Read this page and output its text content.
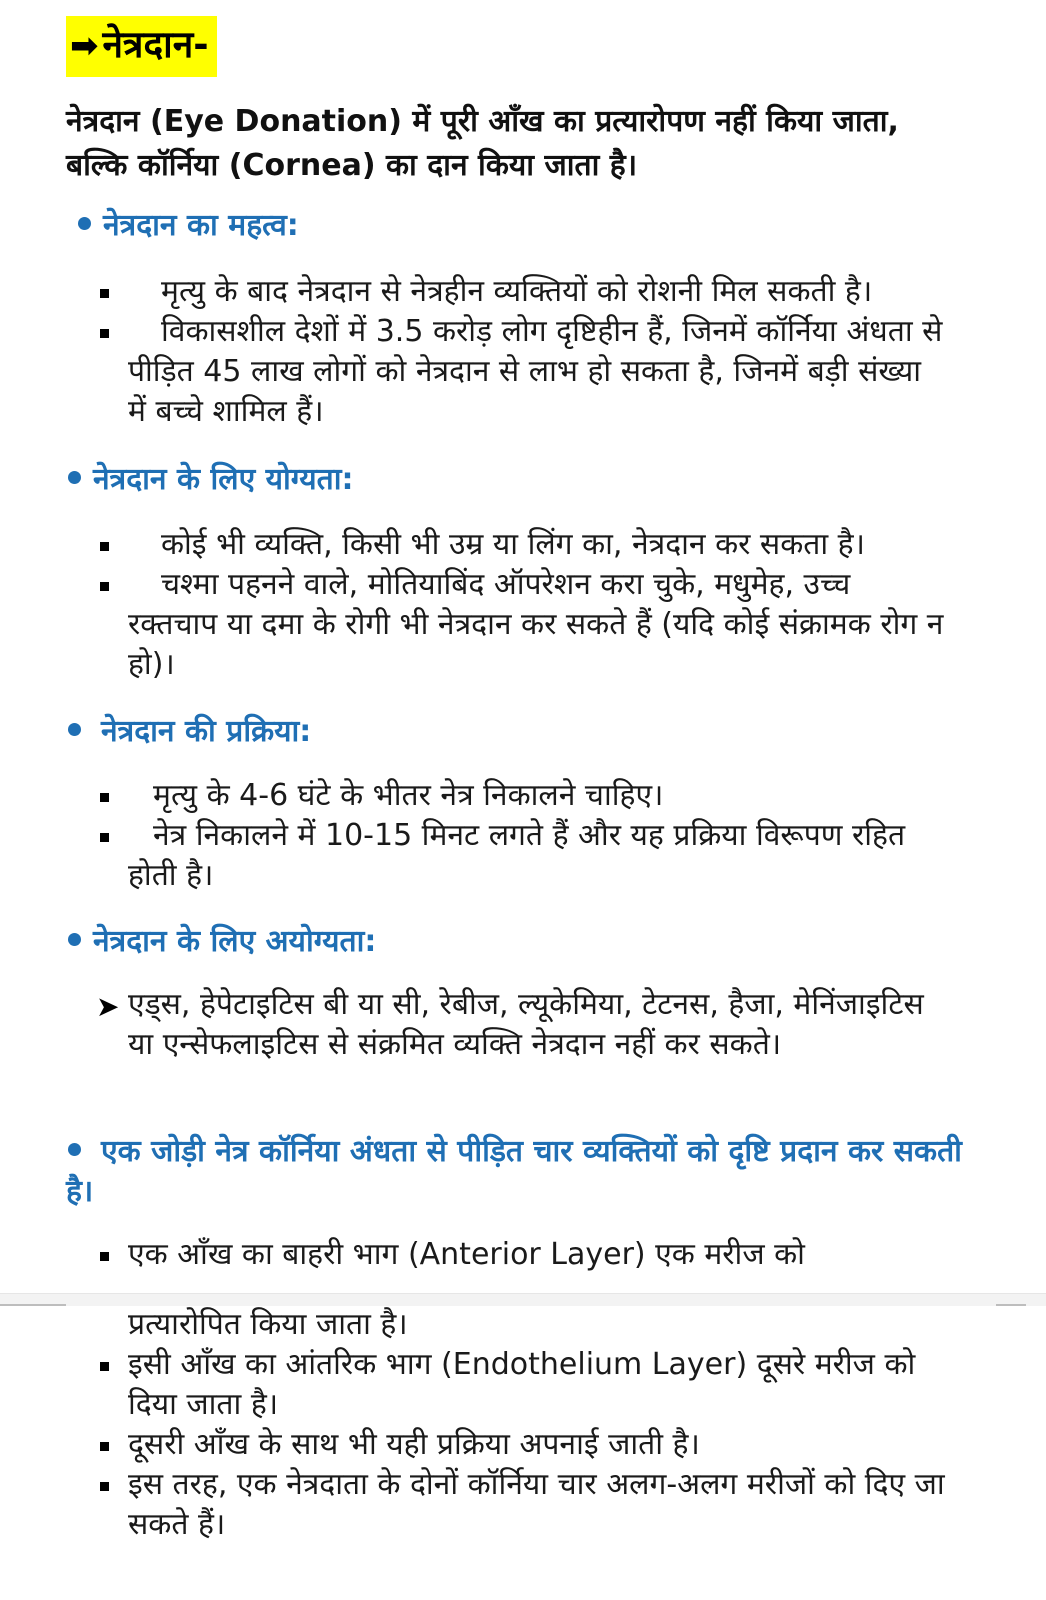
➡ नेत्रदान-
नेत्रदान (Eye Donation) में पूरी आँख का प्रत्यारोपण नहीं किया जाता, बल्कि कॉर्निया (Cornea) का दान किया जाता है।
नेत्रदान का महत्व:
मृत्यु के बाद नेत्रदान से नेत्रहीन व्यक्तियों को रोशनी मिल सकती है।
विकासशील देशों में 3.5 करोड़ लोग दृष्टिहीन हैं, जिनमें कॉर्निया अंधता से पीड़ित 45 लाख लोगों को नेत्रदान से लाभ हो सकता है, जिनमें बड़ी संख्या में बच्चे शामिल हैं।
नेत्रदान के लिए योग्यता:
कोई भी व्यक्ति, किसी भी उम्र या लिंग का, नेत्रदान कर सकता है।
चश्मा पहनने वाले, मोतियाबिंद ऑपरेशन करा चुके, मधुमेह, उच्च रक्तचाप या दमा के रोगी भी नेत्रदान कर सकते हैं (यदि कोई संक्रामक रोग न हो)।
नेत्रदान की प्रक्रिया:
मृत्यु के 4-6 घंटे के भीतर नेत्र निकालने चाहिए।
नेत्र निकालने में 10-15 मिनट लगते हैं और यह प्रक्रिया विरूपण रहित होती है।
नेत्रदान के लिए अयोग्यता:
➤ एड्स, हेपेटाइटिस बी या सी, रेबीज, ल्यूकेमिया, टेटनस, हैजा, मेनिंजाइटिस या एन्सेफलाइटिस से संक्रमित व्यक्ति नेत्रदान नहीं कर सकते।
एक जोड़ी नेत्र कॉर्निया अंधता से पीड़ित चार व्यक्तियों को दृष्टि प्रदान कर सकती है।
एक आँख का बाहरी भाग (Anterior Layer) एक मरीज को
प्रत्यारोपित किया जाता है।
इसी आँख का आंतरिक भाग (Endothelium Layer) दूसरे मरीज को दिया जाता है।
दूसरी आँख के साथ भी यही प्रक्रिया अपनाई जाती है।
इस तरह, एक नेत्रदाता के दोनों कॉर्निया चार अलग-अलग मरीजों को दिए जा सकते हैं।
